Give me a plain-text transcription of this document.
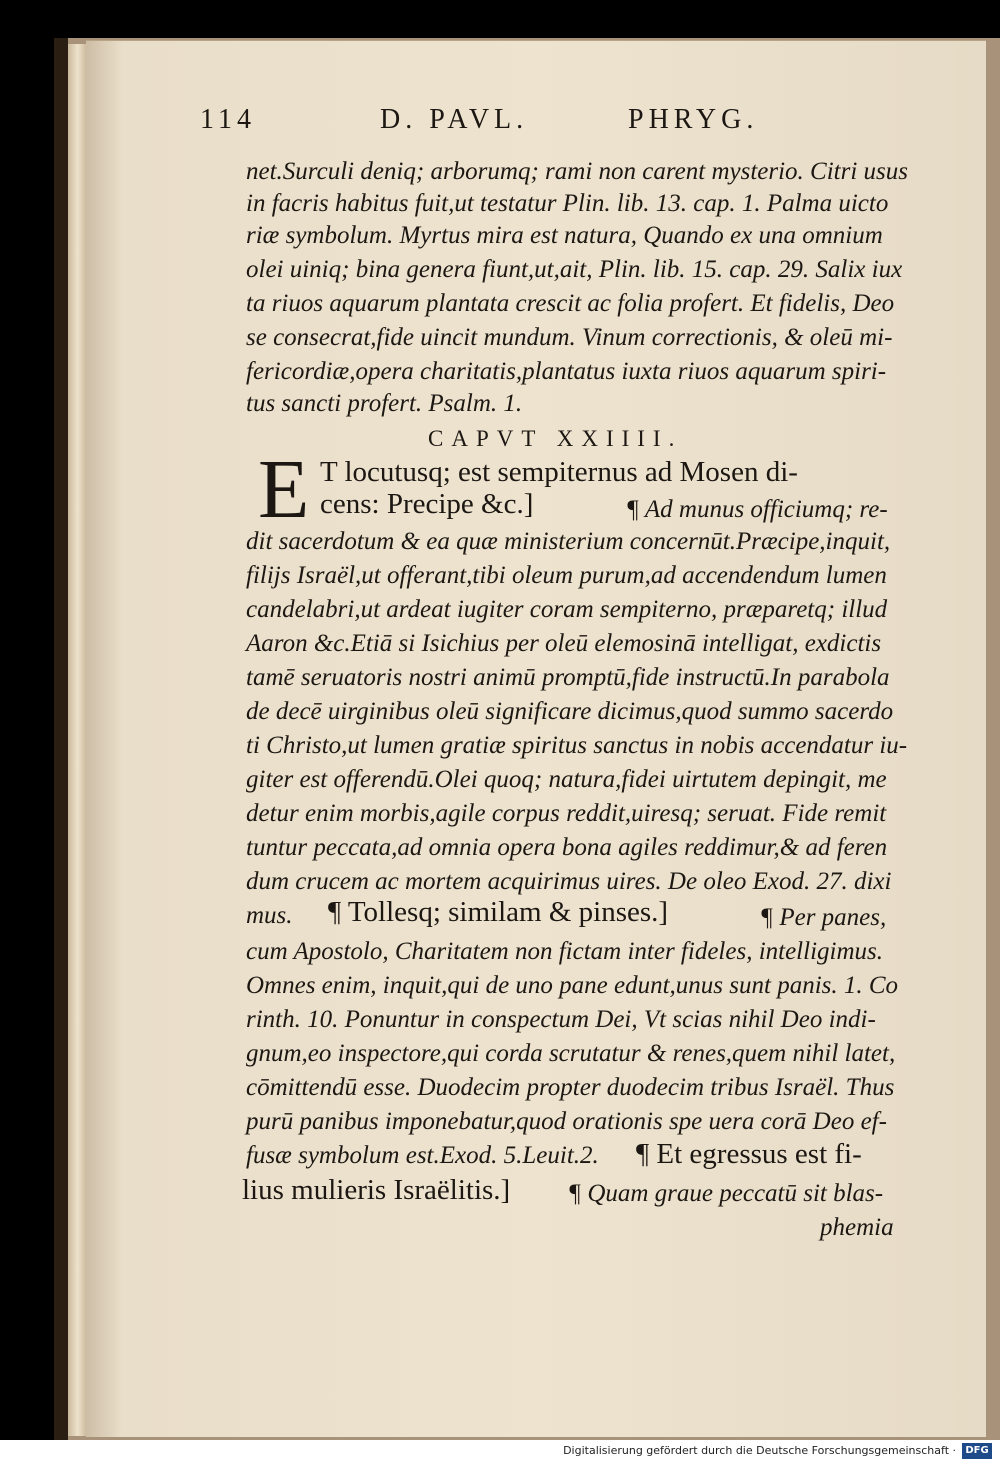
114	D. PAVL.	PHRYG.
net.Surculi deniq; arborumq; rami non carent mysterio. Citri usus
in facris habitus fuit,ut testatur Plin. lib. 13. cap. 1. Palma uicto
riæ symbolum. Myrtus mira est natura, Quando ex una omnium
olei uiniq; bina genera fiunt,ut,ait, Plin. lib. 15. cap. 29. Salix iux
ta riuos aquarum plantata crescit ac folia profert. Et fidelis, Deo
se consecrat,fide uincit mundum. Vinum correctionis, & oleū mi-
fericordiæ,opera charitatis,plantatus iuxta riuos aquarum spiri-
tus sancti profert. Psalm. 1.
CAPVT XXIIII.
E T locutusq; est sempiternus ad Mosen di-
cens: Precipe &c.]	¶ Ad munus officiumq; re-
dit sacerdotum & ea quæ ministerium concernūt.Præcipe,inquit,
filijs Israël,ut offerant,tibi oleum purum,ad accendendum lumen
candelabri,ut ardeat iugiter coram sempiterno, præparetq; illud
Aaron &c.Etiā si Isichius per oleū elemosinā intelligat, exdictis
tamē seruatoris nostri animū promptū,fide instructū.In parabola
de decē uirginibus oleū significare dicimus,quod summo sacerdo
ti Christo,ut lumen gratiæ spiritus sanctus in nobis accendatur iu-
giter est offerendū.Olei quoq; natura,fidei uirtutem depingit, me
detur enim morbis,agile corpus reddit,uiresq; seruat. Fide remit
tuntur peccata,ad omnia opera bona agiles reddimur,& ad feren
dum crucem ac mortem acquirimus uires. De oleo Exod. 27. dixi
mus. ¶ Tollesq; similam & pinses.]	¶ Per panes,
cum Apostolo, Charitatem non fictam inter fideles, intelligimus.
Omnes enim, inquit,qui de uno pane edunt,unus sunt panis. 1. Co
rinth. 10. Ponuntur in conspectum Dei, Vt scias nihil Deo indi-
gnum,eo inspectore,qui corda scrutatur & renes,quem nihil latet,
cōmittendū esse. Duodecim propter duodecim tribus Israël. Thus
purū panibus imponebatur,quod orationis spe uera corā Deo ef-
fusæ symbolum est.Exod. 5.Leuit.2. ¶ Et egressus est fi-
lius mulieris Israëlitis.] ¶ Quam graue peccatū sit blas-
phemia
Digitalisierung gefördert durch die Deutsche Forschungsgemeinschaft · DFG
